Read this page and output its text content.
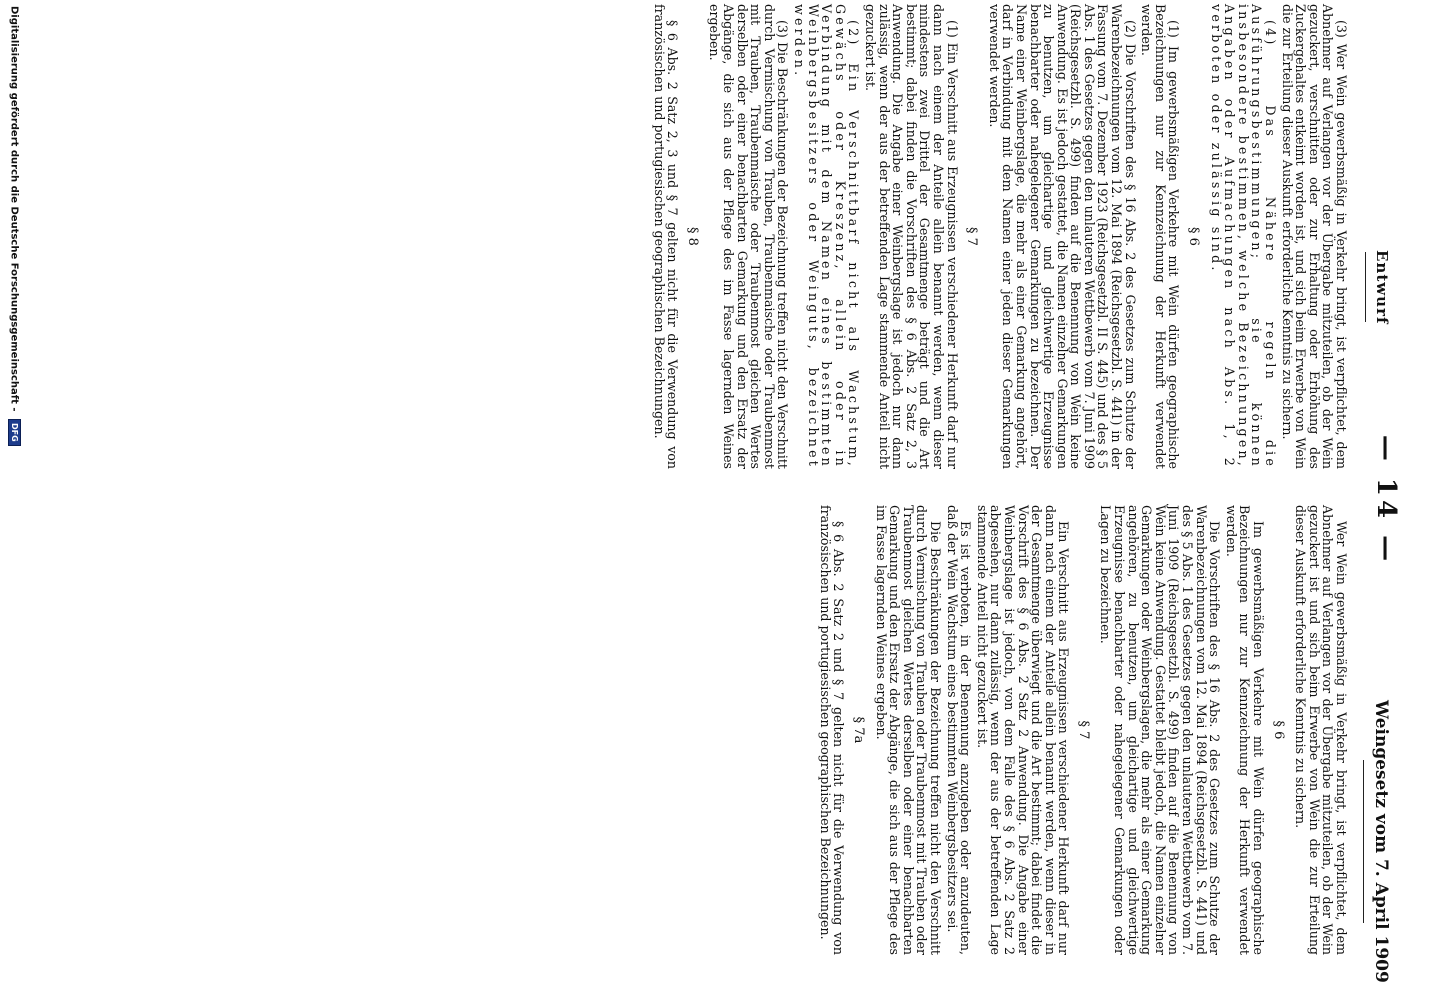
Entwurf
— 14 —
Weingesetz vom 7. April 1909

(3) Wer Wein gewerbsmäßig in Verkehr bringt, ist verpflichtet, dem Abnehmer auf Verlangen vor der Übergabe mitzuteilen, ob der Wein gezuckert, verschnitten oder zur Erhaltung oder Erhöhung des Zuckergehaltes entkeimt worden ist, und sich beim Erwerbe von Wein die zur Erteilung dieser Auskunft erforderliche Kenntnis zu sichern.

(4) Das Nähere regeln die Ausführungsbestimmungen; sie können insbesondere bestimmen, welche Bezeichnungen, Angaben oder Aufmachungen nach Abs. 1, 2 verboten oder zulässig sind.

§ 6

(1) Im gewerbsmäßigen Verkehre mit Wein dürfen geographische Bezeichnungen nur zur Kennzeichnung der Herkunft verwendet werden.

(2) Die Vorschriften des § 16 Abs. 2 des Gesetzes zum Schutze der Warenbezeichnungen vom 12. Mai 1894 (Reichsgesetzbl. S. 441) in der Fassung vom 7. Dezember 1923 (Reichsgesetzbl. II S. 445) und des § 5 Abs. 1 des Gesetzes gegen den unlauteren Wettbewerb vom 7. Juni 1909 (Reichsgesetzbl. S. 499) finden auf die Benennung von Wein keine Anwendung. Es ist jedoch gestattet, die Namen einzelner Gemarkungen zu benutzen, um gleichartige und gleichwertige Erzeugnisse benachbarter oder nahegelegener Gemarkungen zu bezeichnen. Der Name einer Weinbergslage, die mehr als einer Gemarkung angehört, darf in Verbindung mit dem Namen einer jeden dieser Gemarkungen verwendet werden.

§ 7

(1) Ein Verschnitt aus Erzeugnissen verschiedener Herkunft darf nur dann nach einem der Anteile allein benannt werden, wenn dieser mindestens zwei Drittel der Gesamtmenge beträgt und die Art bestimmt; dabei finden die Vorschriften des § 6 Abs. 2 Satz 2, 3 Anwendung. Die Angabe einer Weinbergslage ist jedoch nur dann zulässig, wenn der aus der betreffenden Lage stammende Anteil nicht gezuckert ist.

(2) Ein Verschnittbarf nicht als Wachstum, Gewächs oder Kreszenz, allein oder in Verbindung mit dem Namen eines bestimmten Weinbergsbesitzers oder Weinguts, bezeichnet werden.

(3) Die Beschränkungen der Bezeichnung treffen nicht den Verschnitt durch Vermischung von Trauben, Traubenmaische oder Traubenmost mit Trauben, Traubenmaische oder Traubenmost gleichen Wertes derselben oder einer benachbarten Gemarkung und den Ersatz der Abgänge, die sich aus der Pflege des im Fasse lagernden Weines ergeben.

§ 8

§ 6 Abs. 2 Satz 2, 3 und § 7 gelten nicht für die Verwendung von französischen und portugiesischen geographischen Bezeichnungen.

Wer Wein gewerbsmäßig in Verkehr bringt, ist verpflichtet, dem Abnehmer auf Verlangen vor der Übergabe mitzuteilen, ob der Wein gezuckert ist und sich beim Erwerbe von Wein die zur Erteilung dieser Auskunft erforderliche Kenntnis zu sichern.

§ 6

Im gewerbsmäßigen Verkehre mit Wein dürfen geographische Bezeichnungen nur zur Kennzeichnung der Herkunft verwendet werden.

Die Vorschriften des § 16 Abs. 2 des Gesetzes zum Schutze der Warenbezeichnungen vom 12. Mai 1894 (Reichsgesetzbl. S. 441) und des § 5 Abs. 1 des Gesetzes gegen den unlauteren Wettbewerb vom 7. Juni 1909 (Reichsgesetzbl. S. 499) finden auf die Benennung von Wein keine Anwendung. Gestattet bleibt jedoch, die Namen einzelner Gemarkungen oder Weinbergslagen, die mehr als einer Gemarkung angehören, zu benutzen, um gleichartige und gleichwertige Erzeugnisse benachbarter oder nahegelegener Gemarkungen oder Lagen zu bezeichnen.

§ 7

Ein Verschnitt aus Erzeugnissen verschiedener Herkunft darf nur dann nach einem der Anteile allein benannt werden, wenn dieser in der Gesamtmenge überwiegt und die Art bestimmt; dabei findet die Vorschrift des § 6 Abs. 2 Satz 2 Anwendung. Die Angabe einer Weinbergslage ist jedoch, von dem Falle des § 6 Abs. 2 Satz 2 abgesehen, nur dann zulässig, wenn der aus der betreffenden Lage stammende Anteil nicht gezuckert ist.

Es ist verboten, in der Benennung anzugeben oder anzudeuten, daß der Wein Wachstum eines bestimmten Weinbergsbesitzers sei.

Die Beschränkungen der Bezeichnung treffen nicht den Verschnitt durch Vermischung von Trauben oder Traubenmost mit Trauben oder Traubenmost gleichen Wertes derselben oder einer benachbarten Gemarkung und den Ersatz der Abgänge, die sich aus der Pflege des im Fasse lagernden Weines ergeben.

§ 7a

§ 6 Abs. 2 Satz 2 und § 7 gelten nicht für die Verwendung von französischen und portugiesischen geographischen Bezeichnungen.

Digitalisierung gefördert durch die Deutsche Forschungsgemeinschaft - DFG
